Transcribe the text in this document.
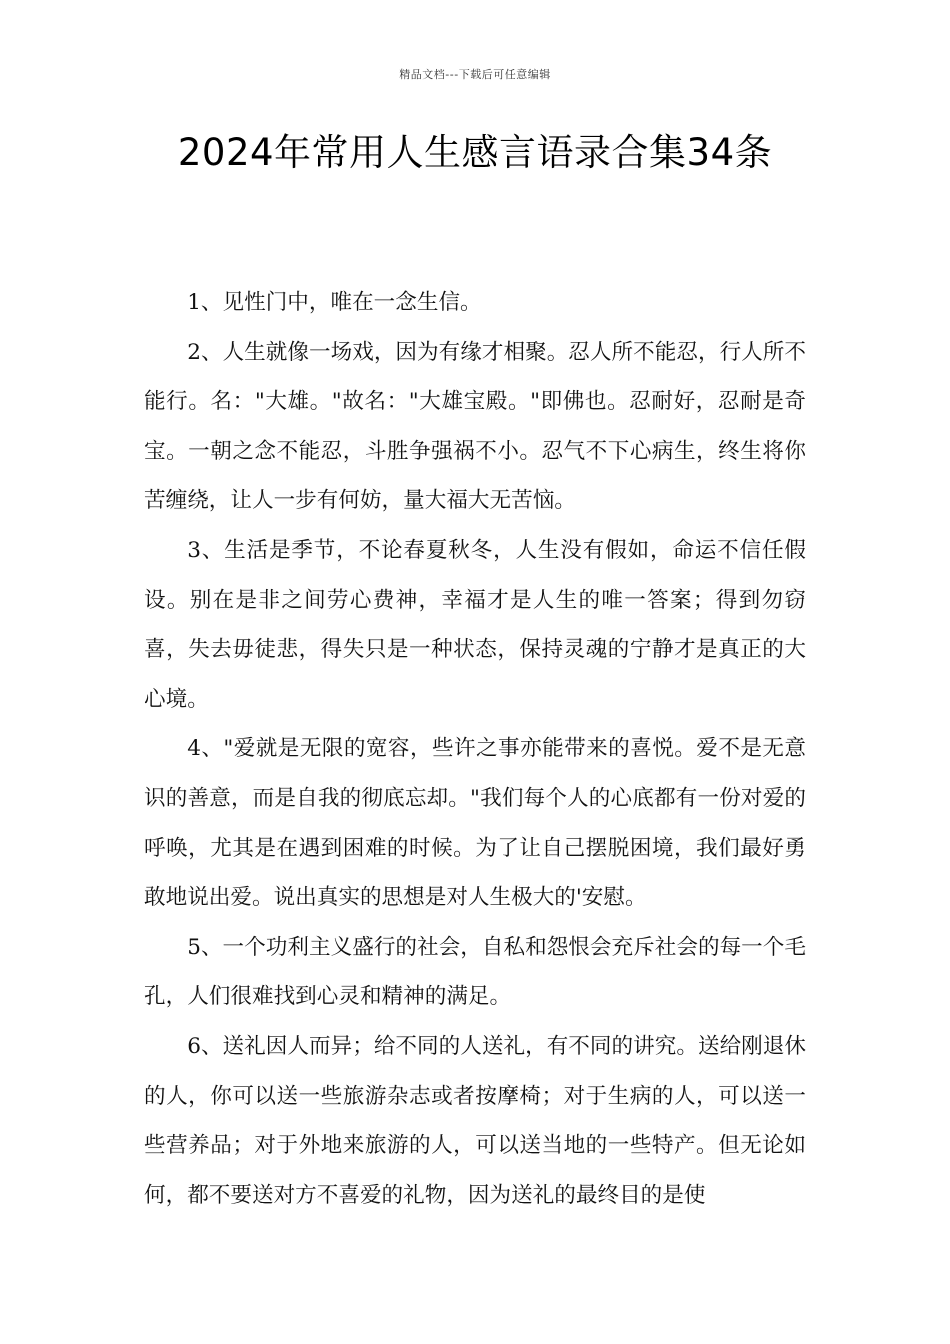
精品文档---下载后可任意编辑
2024年常用人生感言语录合集34条

1、见性门中，唯在一念生信。

2、人生就像一场戏，因为有缘才相聚。忍人所不能忍，行人所不能行。名："大雄。"故名："大雄宝殿。"即佛也。忍耐好，忍耐是奇宝。一朝之念不能忍，斗胜争强祸不小。忍气不下心病生，终生将你苦缠绕，让人一步有何妨，量大福大无苦恼。

3、生活是季节，不论春夏秋冬，人生没有假如，命运不信任假设。别在是非之间劳心费神，幸福才是人生的唯一答案；得到勿窃喜，失去毋徒悲，得失只是一种状态，保持灵魂的宁静才是真正的大心境。

4、"爱就是无限的宽容，些许之事亦能带来的喜悦。爱不是无意识的善意，而是自我的彻底忘却。"我们每个人的心底都有一份对爱的呼唤，尤其是在遇到困难的时候。为了让自己摆脱困境，我们最好勇敢地说出爱。说出真实的思想是对人生极大的'安慰。

5、一个功利主义盛行的社会，自私和怨恨会充斥社会的每一个毛孔，人们很难找到心灵和精神的满足。

6、送礼因人而异；给不同的人送礼，有不同的讲究。送给刚退休的人，你可以送一些旅游杂志或者按摩椅；对于生病的人，可以送一些营养品；对于外地来旅游的人，可以送当地的一些特产。但无论如何，都不要送对方不喜爱的礼物，因为送礼的最终目的是使
